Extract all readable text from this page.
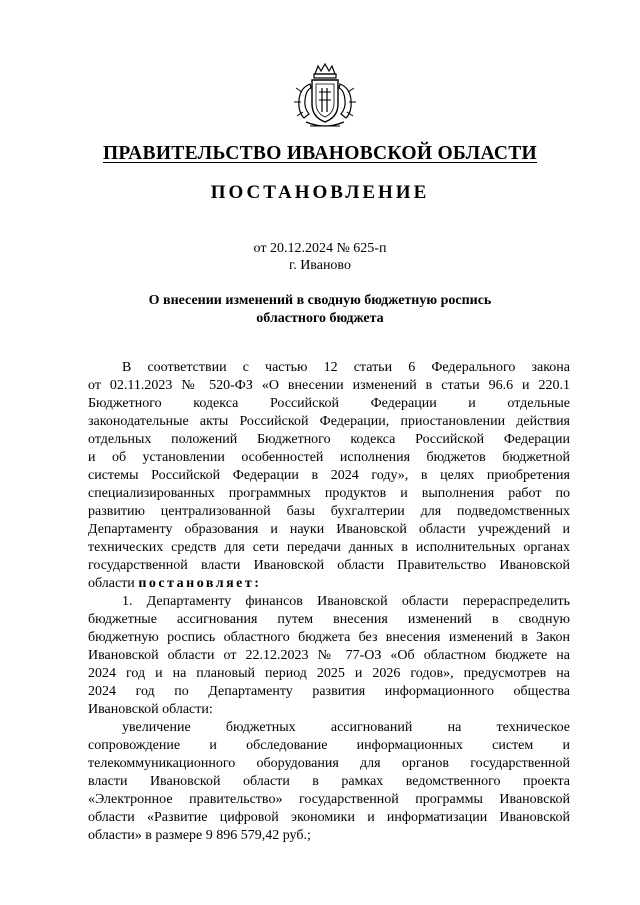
ПРАВИТЕЛЬСТВО ИВАНОВСКОЙ ОБЛАСТИ
ПОСТАНОВЛЕНИЕ
от 20.12.2024 № 625-п
г. Иваново
О внесении изменений в сводную бюджетную роспись
областного бюджета
В соответствии с частью 12 статьи 6 Федерального закона
от 02.11.2023 № 520-ФЗ «О внесении изменений в статьи 96.6 и 220.1
Бюджетного кодекса Российской Федерации и отдельные
законодательные акты Российской Федерации, приостановлении действия
отдельных положений Бюджетного кодекса Российской Федерации
и об установлении особенностей исполнения бюджетов бюджетной
системы Российской Федерации в 2024 году», в целях приобретения
специализированных программных продуктов и выполнения работ по
развитию централизованной базы бухгалтерии для подведомственных
Департаменту образования и науки Ивановской области учреждений и
технических средств для сети передачи данных в исполнительных органах
государственной власти Ивановской области Правительство Ивановской
области постановляет:
1. Департаменту финансов Ивановской области перераспределить
бюджетные ассигнования путем внесения изменений в сводную
бюджетную роспись областного бюджета без внесения изменений в Закон
Ивановской области от 22.12.2023 № 77-ОЗ «Об областном бюджете на
2024 год и на плановый период 2025 и 2026 годов», предусмотрев на
2024 год по Департаменту развития информационного общества
Ивановской области:
увеличение бюджетных ассигнований на техническое
сопровождение и обследование информационных систем и
телекоммуникационного оборудования для органов государственной
власти Ивановской области в рамках ведомственного проекта
«Электронное правительство» государственной программы Ивановской
области «Развитие цифровой экономики и информатизации Ивановской
области» в размере 9 896 579,42 руб.;
